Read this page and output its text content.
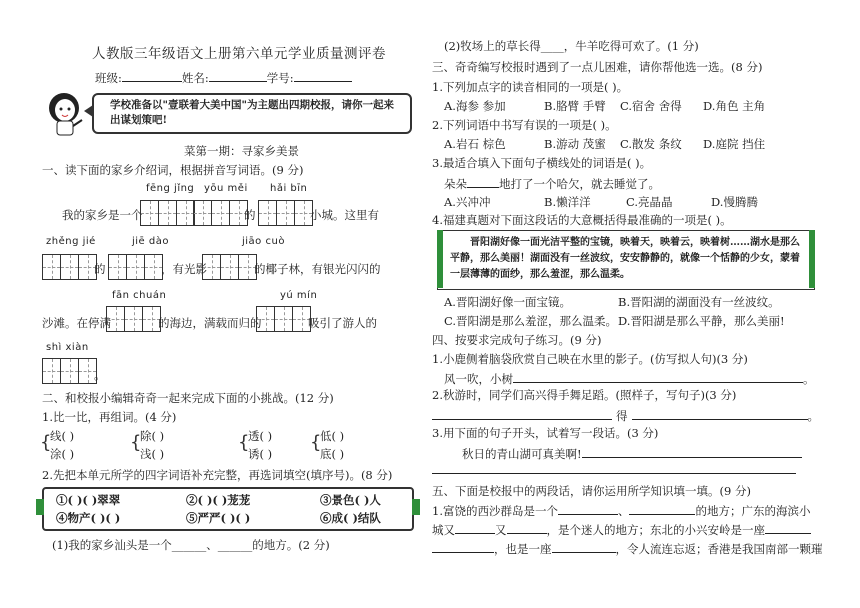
人教版三年级语文上册第六单元学业质量测评卷
班级:	姓名:	学号:
学校准备以"壹联着大美中国"为主题出四期校报，请你一起来出谋划策吧!
菜第一期：寻家乡美景
一、读下面的家乡介绍词，根据拼音写词语。(9 分)
fēng jǐng yōu měi hǎi bīn
我的家乡是一个	的	小城。这里有
zhěng jié	jiē dào	jiāo cuò
的	，有光影	的椰子林，有银光闪闪的
fān chuán	yú mín
沙滩。在停满	的海边，满载而归的	吸引了游人的
shì xiàn
。
二、和校报小编辑奇奇一起来完成下面的小挑战。(12 分)
1.比一比，再组词。(4 分)
{
线( )
涂( )
{
除( )
浅( )
{
透( )
诱( )
{
低( )
底( )
2.先把本单元所学的四字词语补充完整，再选词填空(填序号)。(8 分)
①( )( )翠翠	②( )( )茏茏	③景色( )人
④物产( )( )	⑤严严( )( )	⑥成( )结队
(1)我的家乡汕头是一个______、______的地方。(2 分)
(2)牧场上的草长得____，牛羊吃得可欢了。(1 分)
三、奇奇编写校报时遇到了一点儿困难，请你帮他选一选。(8 分)
1.下列加点字的读音相同的一项是( )。
A.海参 参加	B.胳臂 手臂 C.宿舍 舍得 D.角色 主角
2.下列词语中书写有误的一项是( )。
A.岩石 棕色	B.游动 茂蜜 C.散发 条纹 D.庭院 挡住
3.最适合填入下面句子横线处的词语是( )。
朵朵	地打了一个哈欠，就去睡觉了。
A.兴冲冲	B.懒洋洋	C.亮晶晶	D.慢腾腾
4.福建真题对下面这段话的大意概括得最准确的一项是( )。
晋阳湖好像一面光洁平整的宝镜，映着天，映着云，映着树……湖水是那么平静，那么美丽！湖面没有一丝波纹，安安静静的，就像一个恬静的少女，蒙着一层薄薄的面纱，那么羞涩，那么温柔。
A.晋阳湖好像一面宝镜。	B.晋阳湖的湖面没有一丝波纹。
C.晋阳湖是那么羞涩，那么温柔。 D.晋阳湖是那么平静，那么美丽!
四、按要求完成句子练习。(9 分)
1.小鹿侧着脑袋欣赏自己映在水里的影子。(仿写拟人句)(3 分)
风一吹，小树	。
2.秋游时，同学们高兴得手舞足蹈。(照样子，写句子)(3 分)
得	。
3.用下面的句子开头，试着写一段话。(3 分)
秋日的青山湖可真美啊!
五、下面是校报中的两段话，请你运用所学知识填一填。(9 分)
1.富饶的西沙群岛是一个	、	的地方；广东的海滨小
城又	又	，是个迷人的地方；东北的小兴安岭是一座
，也是一座	，令人流连忘返；香港是我国南部一颗璀
